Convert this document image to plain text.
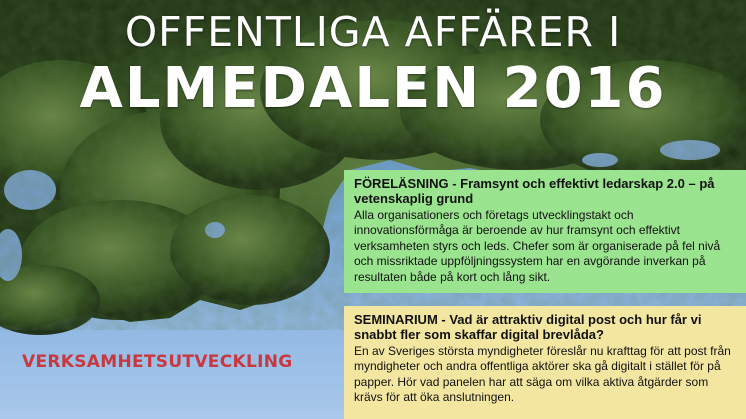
OFFENTLIGA AFFÄRER I
ALMEDALEN 2016

FÖRELÄSNING - Framsynt och effektivt ledarskap 2.0 – på vetenskaplig grund

Alla organisationers och företags utvecklingstakt och innovationsförmåga är beroende av hur framsynt och effektivt verksamheten styrs och leds. Chefer som är organiserade på fel nivå och missriktade uppföljningssystem har en avgörande inverkan på resultaten både på kort och lång sikt.

VERKSAMHETSUTVECKLING

SEMINARIUM - Vad är attraktiv digital post och hur får vi snabbt fler som skaffar digital brevlåda?

En av Sveriges största myndigheter föreslår nu krafttag för att post från myndigheter och andra offentliga aktörer ska gå digitalt i stället för på papper. Hör vad panelen har att säga om vilka aktiva åtgärder som krävs för att öka anslutningen.
